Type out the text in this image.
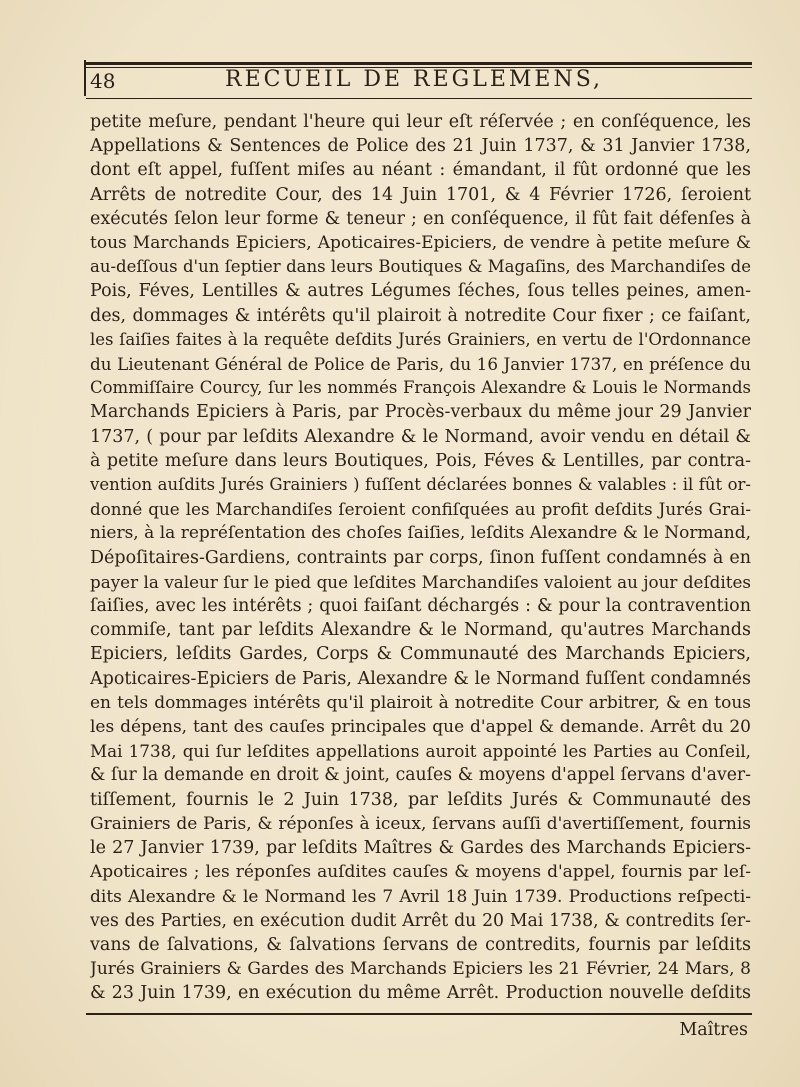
48	RECUEIL DE REGLEMENS,
petite meſure, pendant l'heure qui leur eſt réſervée ; en conſéquence, les
Appellations & Sentences de Police des 21 Juin 1737, & 31 Janvier 1738,
dont eſt appel, fuſſent miſes au néant : émandant, il fût ordonné que les
Arrêts de notredite Cour, des 14 Juin 1701, & 4 Février 1726, ſeroient
exécutés ſelon leur forme & teneur ; en conſéquence, il fût fait défenſes à
tous Marchands Epiciers, Apoticaires-Epiciers, de vendre à petite meſure &
au-deſſous d'un ſeptier dans leurs Boutiques & Magaſins, des Marchandiſes de
Pois, Féves, Lentilles & autres Légumes ſéches, ſous telles peines, amen-
des, dommages & intérêts qu'il plairoit à notredite Cour fixer ; ce faiſant,
les ſaiſies faites à la requête deſdits Jurés Grainiers, en vertu de l'Ordonnance
du Lieutenant Général de Police de Paris, du 16 Janvier 1737, en préſence du
Commiſſaire Courcy, ſur les nommés François Alexandre & Louis le Normands
Marchands Epiciers à Paris, par Procès-verbaux du même jour 29 Janvier
1737, ( pour par leſdits Alexandre & le Normand, avoir vendu en détail &
à petite meſure dans leurs Boutiques, Pois, Féves & Lentilles, par contra-
vention auſdits Jurés Grainiers ) fuſſent déclarées bonnes & valables : il fût or-
donné que les Marchandiſes ſeroient confiſquées au profit deſdits Jurés Grai-
niers, à la repréſentation des choſes ſaiſies, leſdits Alexandre & le Normand,
Dépoſitaires-Gardiens, contraints par corps, ſinon fuſſent condamnés à en
payer la valeur ſur le pied que leſdites Marchandiſes valoient au jour deſdites
ſaiſies, avec les intérêts ; quoi faiſant déchargés : & pour la contravention
commiſe, tant par leſdits Alexandre & le Normand, qu'autres Marchands
Epiciers, leſdits Gardes, Corps & Communauté des Marchands Epiciers,
Apoticaires-Epiciers de Paris, Alexandre & le Normand fuſſent condamnés
en tels dommages intérêts qu'il plairoit à notredite Cour arbitrer, & en tous
les dépens, tant des cauſes principales que d'appel & demande. Arrêt du 20
Mai 1738, qui ſur leſdites appellations auroit appointé les Parties au Conſeil,
& ſur la demande en droit & joint, cauſes & moyens d'appel ſervans d'aver-
tiſſement, fournis le 2 Juin 1738, par leſdits Jurés & Communauté des
Grainiers de Paris, & réponſes à iceux, ſervans auſſi d'avertiſſement, fournis
le 27 Janvier 1739, par leſdits Maîtres & Gardes des Marchands Epiciers-
Apoticaires ; les réponſes auſdites cauſes & moyens d'appel, fournis par leſ-
dits Alexandre & le Normand les 7 Avril 18 Juin 1739. Productions reſpecti-
ves des Parties, en exécution dudit Arrêt du 20 Mai 1738, & contredits ſer-
vans de ſalvations, & ſalvations ſervans de contredits, fournis par leſdits
Jurés Grainiers & Gardes des Marchands Epiciers les 21 Février, 24 Mars, 8
& 23 Juin 1739, en exécution du même Arrêt. Production nouvelle deſdits
Maîtres
